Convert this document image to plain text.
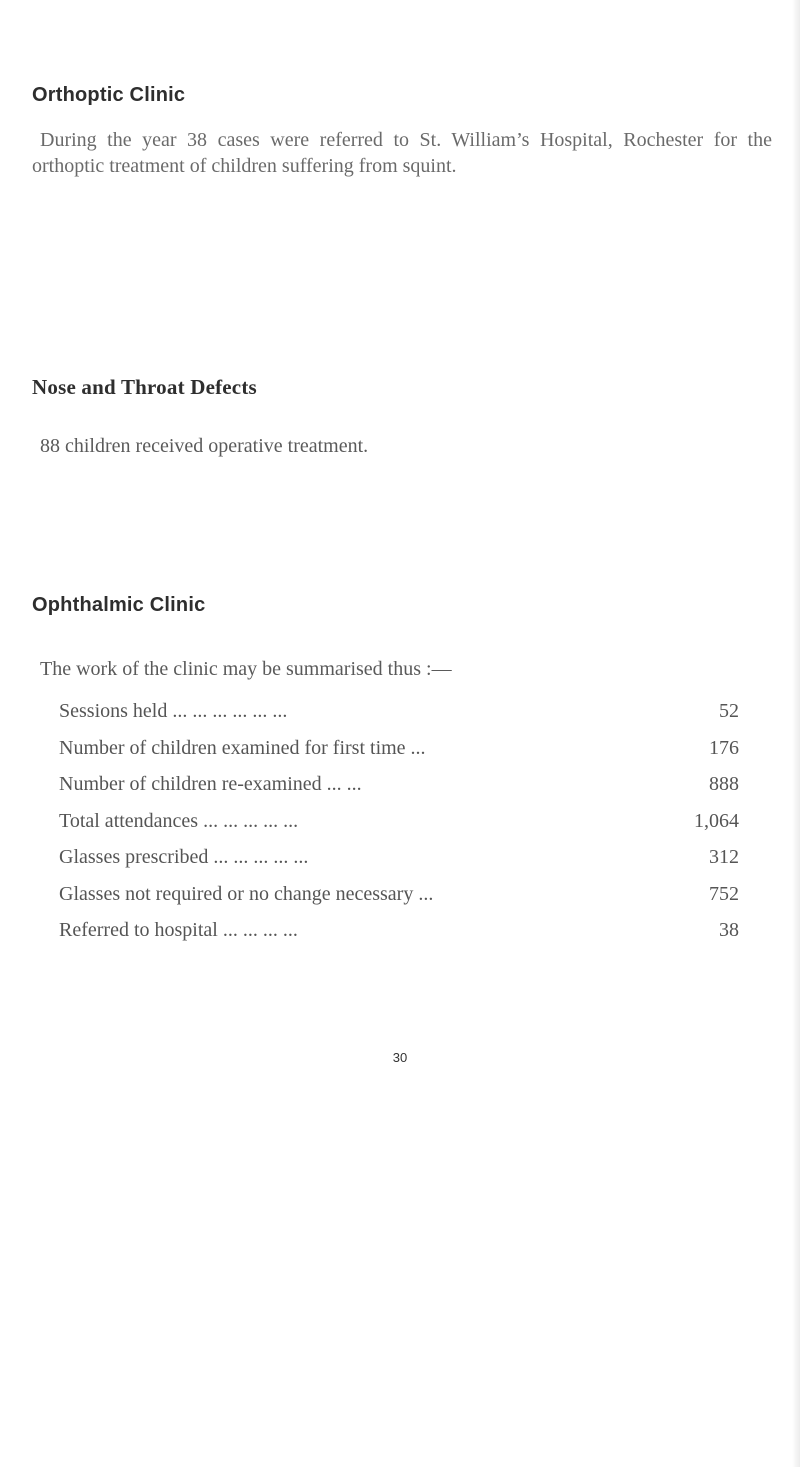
Orthoptic Clinic

During the year 38 cases were referred to St. William’s Hospital, Rochester for the orthoptic treatment of children suffering from squint.

Nose and Throat Defects

88 children received operative treatment.

Ophthalmic Clinic

The work of the clinic may be summarised thus :—

Sessions held ... ... ... ... ... ...	52
Number of children examined for first time ...	176
Number of children re-examined ... ...	888
Total attendances ... ... ... ... ...	1,064
Glasses prescribed ... ... ... ... ...	312
Glasses not required or no change necessary ...	752
Referred to hospital ... ... ... ...	38
30
